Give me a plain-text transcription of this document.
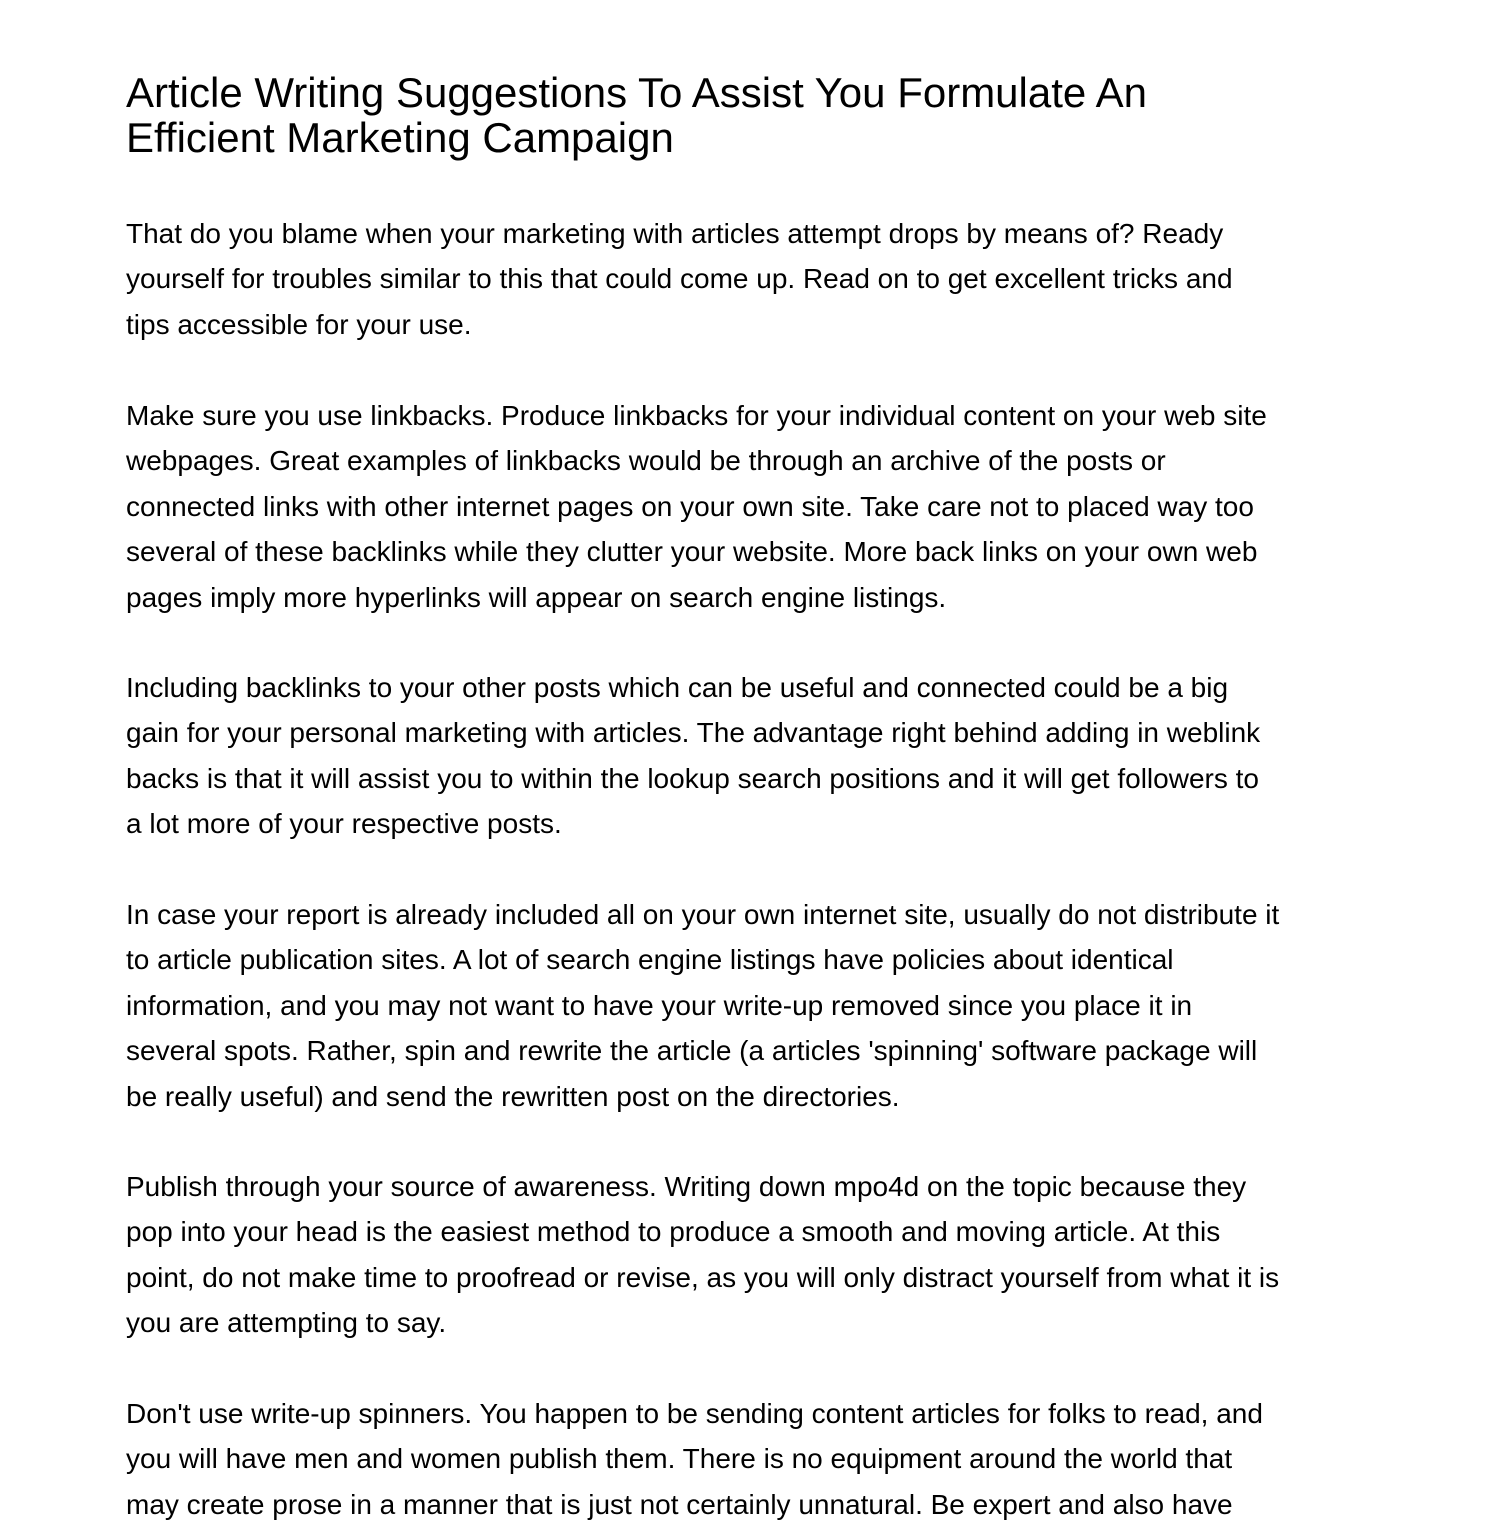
Article Writing Suggestions To Assist You Formulate An
Efficient Marketing Campaign

That do you blame when your marketing with articles attempt drops by means of? Ready
yourself for troubles similar to this that could come up. Read on to get excellent tricks and
tips accessible for your use.

Make sure you use linkbacks. Produce linkbacks for your individual content on your web site
webpages. Great examples of linkbacks would be through an archive of the posts or
connected links with other internet pages on your own site. Take care not to placed way too
several of these backlinks while they clutter your website. More back links on your own web
pages imply more hyperlinks will appear on search engine listings.

Including backlinks to your other posts which can be useful and connected could be a big
gain for your personal marketing with articles. The advantage right behind adding in weblink
backs is that it will assist you to within the lookup search positions and it will get followers to
a lot more of your respective posts.

In case your report is already included all on your own internet site, usually do not distribute it
to article publication sites. A lot of search engine listings have policies about identical
information, and you may not want to have your write-up removed since you place it in
several spots. Rather, spin and rewrite the article (a articles 'spinning' software package will
be really useful) and send the rewritten post on the directories.

Publish through your source of awareness. Writing down mpo4d on the topic because they
pop into your head is the easiest method to produce a smooth and moving article. At this
point, do not make time to proofread or revise, as you will only distract yourself from what it is
you are attempting to say.

Don't use write-up spinners. You happen to be sending content articles for folks to read, and
you will have men and women publish them. There is no equipment around the world that
may create prose in a manner that is just not certainly unnatural. Be expert and also have
